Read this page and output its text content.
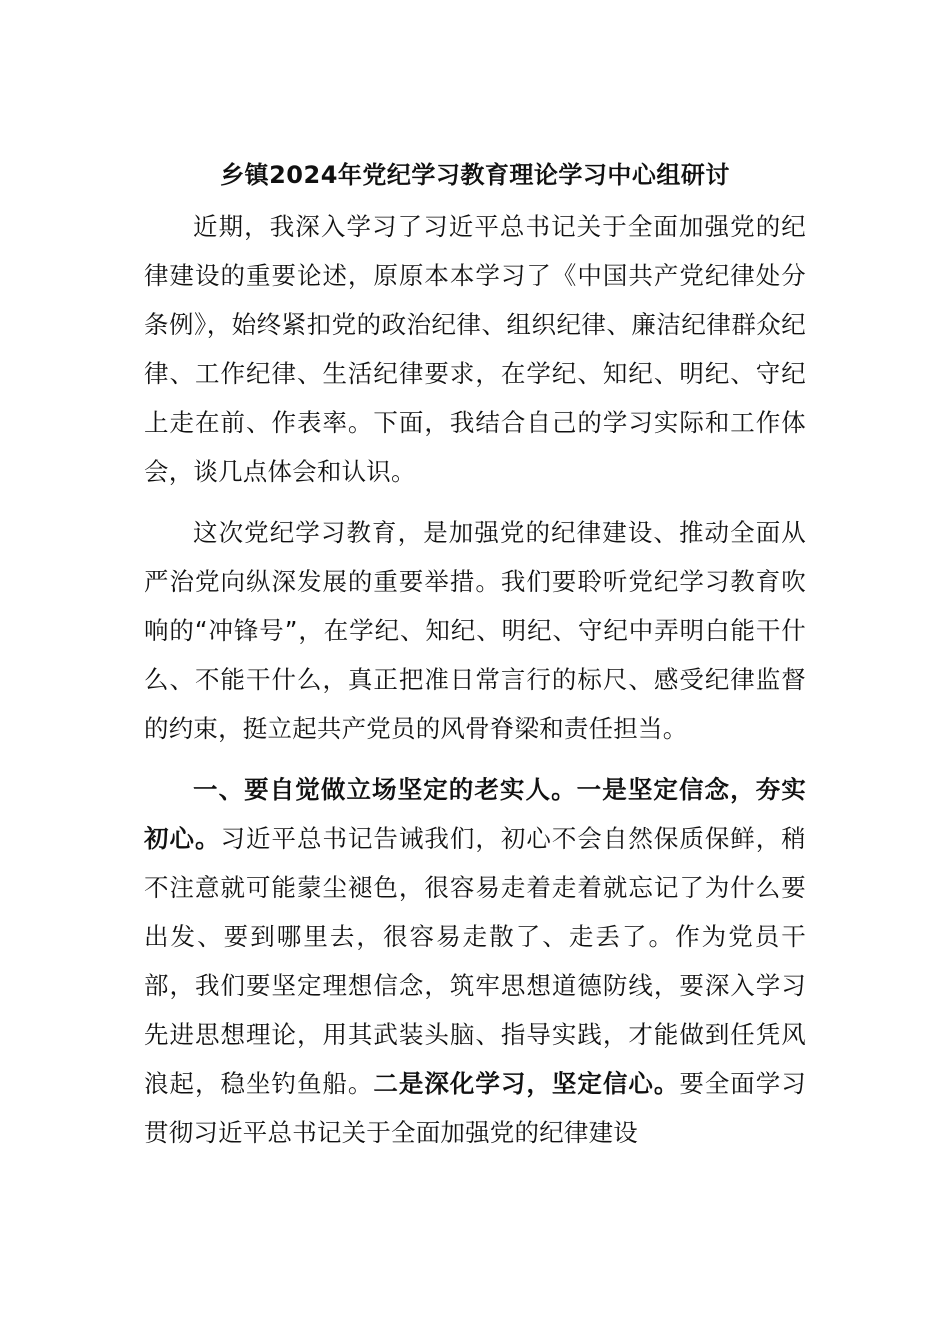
乡镇2024年党纪学习教育理论学习中心组研讨

近期，我深入学习了习近平总书记关于全面加强党的纪律建设的重要论述，原原本本学习了《中国共产党纪律处分条例》，始终紧扣党的政治纪律、组织纪律、廉洁纪律群众纪律、工作纪律、生活纪律要求，在学纪、知纪、明纪、守纪上走在前、作表率。下面，我结合自己的学习实际和工作体会，谈几点体会和认识。

这次党纪学习教育，是加强党的纪律建设、推动全面从严治党向纵深发展的重要举措。我们要聆听党纪学习教育吹响的“冲锋号”，在学纪、知纪、明纪、守纪中弄明白能干什么、不能干什么，真正把准日常言行的标尺、感受纪律监督的约束，挺立起共产党员的风骨脊梁和责任担当。

一、要自觉做立场坚定的老实人。一是坚定信念，夯实初心。习近平总书记告诫我们，初心不会自然保质保鲜，稍不注意就可能蒙尘褪色，很容易走着走着就忘记了为什么要出发、要到哪里去，很容易走散了、走丢了。作为党员干部，我们要坚定理想信念，筑牢思想道德防线，要深入学习先进思想理论，用其武装头脑、指导实践，才能做到任凭风浪起，稳坐钓鱼船。二是深化学习，坚定信心。要全面学习贯彻习近平总书记关于全面加强党的纪律建设
